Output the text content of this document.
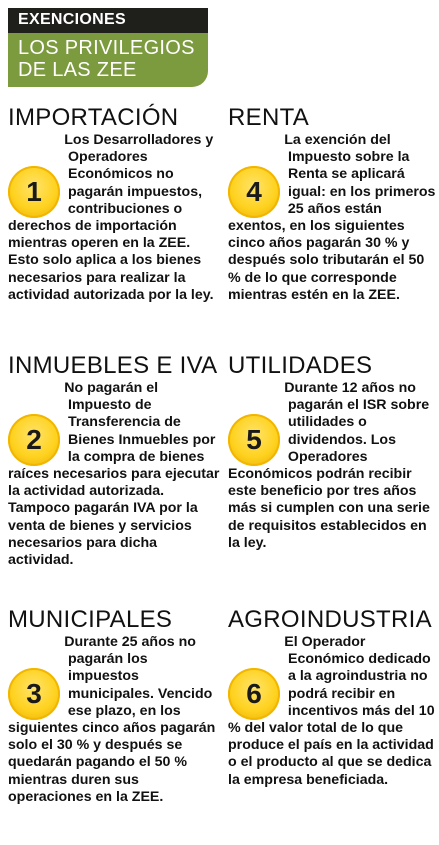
EXENCIONES
LOS PRIVILEGIOS DE LAS ZEE
IMPORTACIÓN
1
Los Desarrolladores y Operadores Económicos no pagarán impuestos, contribuciones o derechos de importación mientras operen en la ZEE. Esto solo aplica a los bienes necesarios para realizar la actividad autorizada por la ley.
RENTA
4
La exención del Impuesto sobre la Renta se aplicará igual: en los primeros 25 años están exentos, en los siguientes cinco años pagarán 30 % y después solo tributarán el 50 % de lo que corresponde mientras estén en la ZEE.
INMUEBLES E IVA
2
No pagarán el Impuesto de Transferencia de Bienes Inmuebles por la compra de bienes raíces necesarios para ejecutar la actividad autorizada. Tampoco pagarán IVA por la venta de bienes y servicios necesarios para dicha actividad.
UTILIDADES
5
Durante 12 años no pagarán el ISR sobre utilidades o dividendos. Los Operadores Económicos podrán recibir este beneficio por tres años más si cumplen con una serie de requisitos establecidos en la ley.
MUNICIPALES
3
Durante 25 años no pagarán los impuestos municipales. Vencido ese plazo, en los siguientes cinco años pagarán solo el 30 % y después se quedarán pagando el 50 % mientras duren sus operaciones en la ZEE.
AGROINDUSTRIA
6
El Operador Económico dedicado a la agroindustria no podrá recibir en incentivos más del 10 % del valor total de lo que produce el país en la actividad o el producto al que se dedica la empresa beneficiada.
